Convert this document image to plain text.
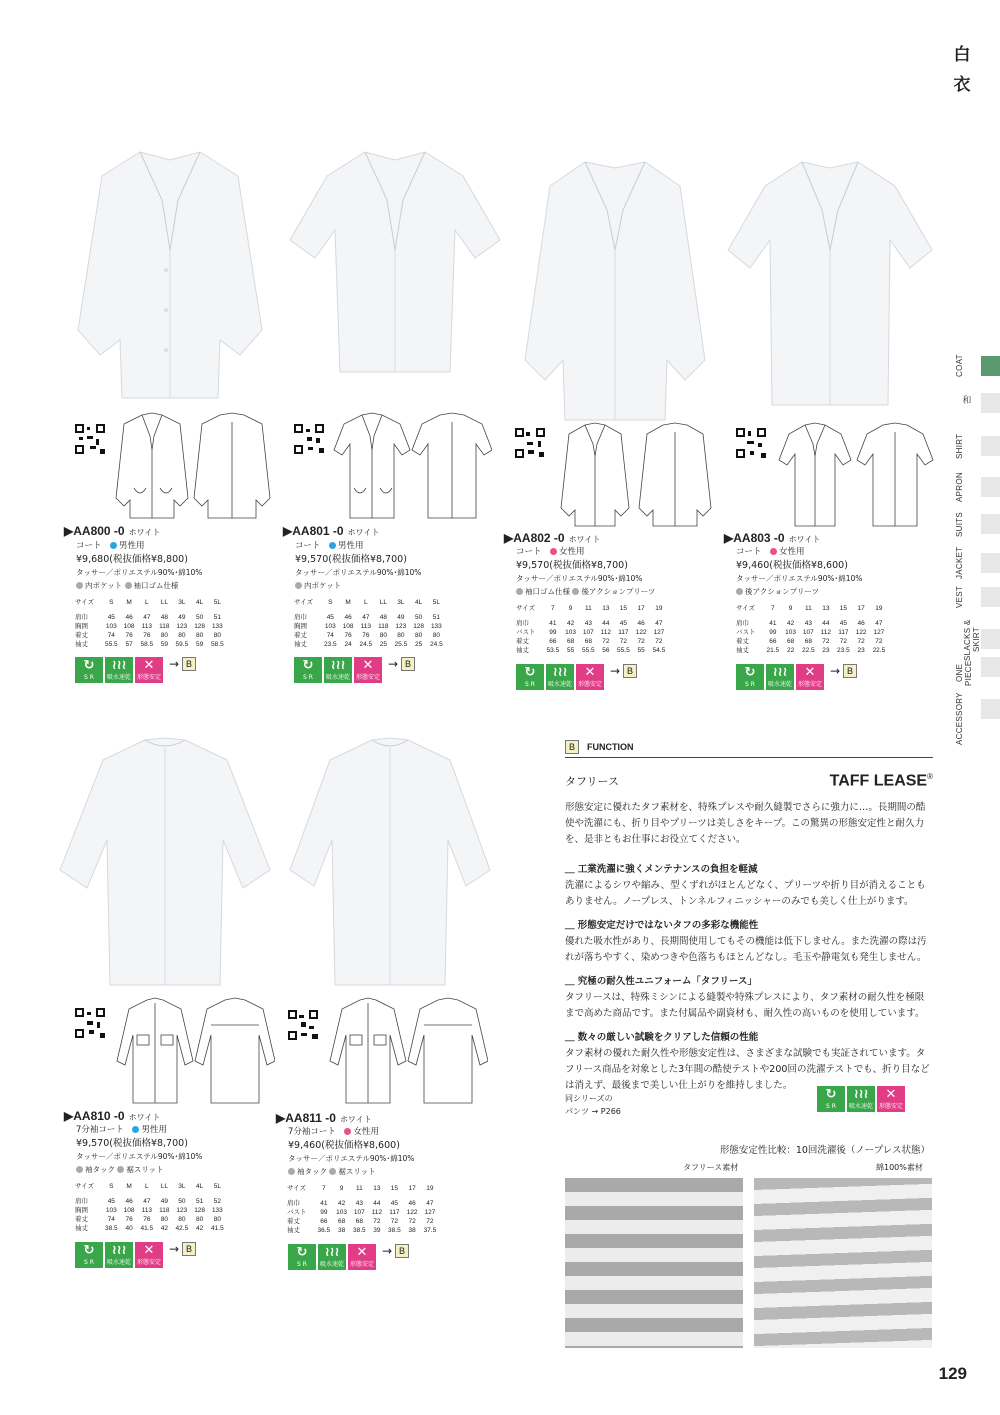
白
衣
COAT
和
SHIRT
APRON
SUITS
JACKET
VEST
SLACKS & SKIRT
ONE PIECE
ACCESSORY
▶AA800 -0 ホワイト
コート　 男性用
¥9,680(税抜価格¥8,800)
タッサー／ポリエステル90%･綿10%
内ポケット 袖口ゴム仕様
サイズ	S	M	L	LL	3L	4L	5L
肩巾	45	46	47	48	49	50	51
胸囲	103	108	113	118	123	128	133
着丈	74	76	76	80	80	80	80
袖丈	55.5	57	58.5	59	59.5	59	58.5
↻
S R
≀≀≀
吸水速乾
✕
形態安定
→ B
▶AA801 -0 ホワイト
コート　 男性用
¥9,570(税抜価格¥8,700)
タッサー／ポリエステル90%･綿10%
内ポケット
サイズ	S	M	L	LL	3L	4L	5L
肩巾	45	46	47	48	49	50	51
胸囲	103	108	113	118	123	128	133
着丈	74	76	76	80	80	80	80
袖丈	23.5	24	24.5	25	25.5	25	24.5
↻
S R
≀≀≀
吸水速乾
✕
形態安定
→ B
▶AA802 -0 ホワイト
コート　 女性用
¥9,570(税抜価格¥8,700)
タッサー／ポリエステル90%･綿10%
袖口ゴム仕様 後アクションプリーツ
サイズ	7	9	11	13	15	17	19
肩巾	41	42	43	44	45	46	47
バスト	99	103	107	112	117	122	127
着丈	66	68	68	72	72	72	72
袖丈	53.5	55	55.5	56	55.5	55	54.5
↻
S R
≀≀≀
吸水速乾
✕
形態安定
→ B
▶AA803 -0 ホワイト
コート　 女性用
¥9,460(税抜価格¥8,600)
タッサー／ポリエステル90%･綿10%
後アクションプリーツ
サイズ	7	9	11	13	15	17	19
肩巾	41	42	43	44	45	46	47
バスト	99	103	107	112	117	122	127
着丈	66	68	68	72	72	72	72
袖丈	21.5	22	22.5	23	23.5	23	22.5
↻
S R
≀≀≀
吸水速乾
✕
形態安定
→ B
▶AA810 -0 ホワイト
7分袖コート　 男性用
¥9,570(税抜価格¥8,700)
タッサー／ポリエステル90%･綿10%
袖タック 裾スリット
サイズ	S	M	L	LL	3L	4L	5L
肩巾	45	46	47	49	50	51	52
胸囲	103	108	113	118	123	128	133
着丈	74	76	76	80	80	80	80
袖丈	38.5	40	41.5	42	42.5	42	41.5
↻
S R
≀≀≀
吸水速乾
✕
形態安定
→ B
▶AA811 -0 ホワイト
7分袖コート　 女性用
¥9,460(税抜価格¥8,600)
タッサー／ポリエステル90%･綿10%
袖タック 裾スリット
サイズ	7	9	11	13	15	17	19
肩巾	41	42	43	44	45	46	47
バスト	99	103	107	112	117	122	127
着丈	66	68	68	72	72	72	72
袖丈	36.5	38	38.5	39	38.5	38	37.5
↻
S R
≀≀≀
吸水速乾
✕
形態安定
→ B
B	FUNCTION
タフリース	TAFF LEASE®
形態安定に優れたタフ素材を、特殊プレスや耐久縫製でさらに強力に…。長期間の酷使や洗濯にも、折り目やプリーツは美しさをキープ。この驚異の形態安定性と耐久力を、是非ともお仕事にお役立てください。
＿ 工業洗濯に強くメンテナンスの負担を軽減
洗濯によるシワや縮み、型くずれがほとんどなく、プリーツや折り目が消えることもありません。ノープレス、トンネルフィニッシャーのみでも美しく仕上がります。
＿ 形態安定だけではないタフの多彩な機能性
優れた吸水性があり、長期間使用してもその機能は低下しません。また洗濯の際は汚れが落ちやすく、染めつきや色落ちもほとんどなし。毛玉や静電気も発生しません。
＿ 究極の耐久性ユニフォーム「タフリース」
タフリースは、特殊ミシンによる縫製や特殊プレスにより、タフ素材の耐久性を極限まで高めた商品です。また付属品や副資材も、耐久性の高いものを使用しています。
＿ 数々の厳しい試験をクリアした信頼の性能
タフ素材の優れた耐久性や形態安定性は、さまざまな試験でも実証されています。タフリース商品を対象とした3年間の酷使テストや200回の洗濯テストでも、折り目などは消えず、最後まで美しい仕上がりを維持しました。
同シリーズの
パンツ → P266
↻
S R
≀≀≀
吸水速乾
✕
形態安定
形態安定性比較：10回洗濯後（ノープレス状態）
タフリース素材	綿100%素材
129
